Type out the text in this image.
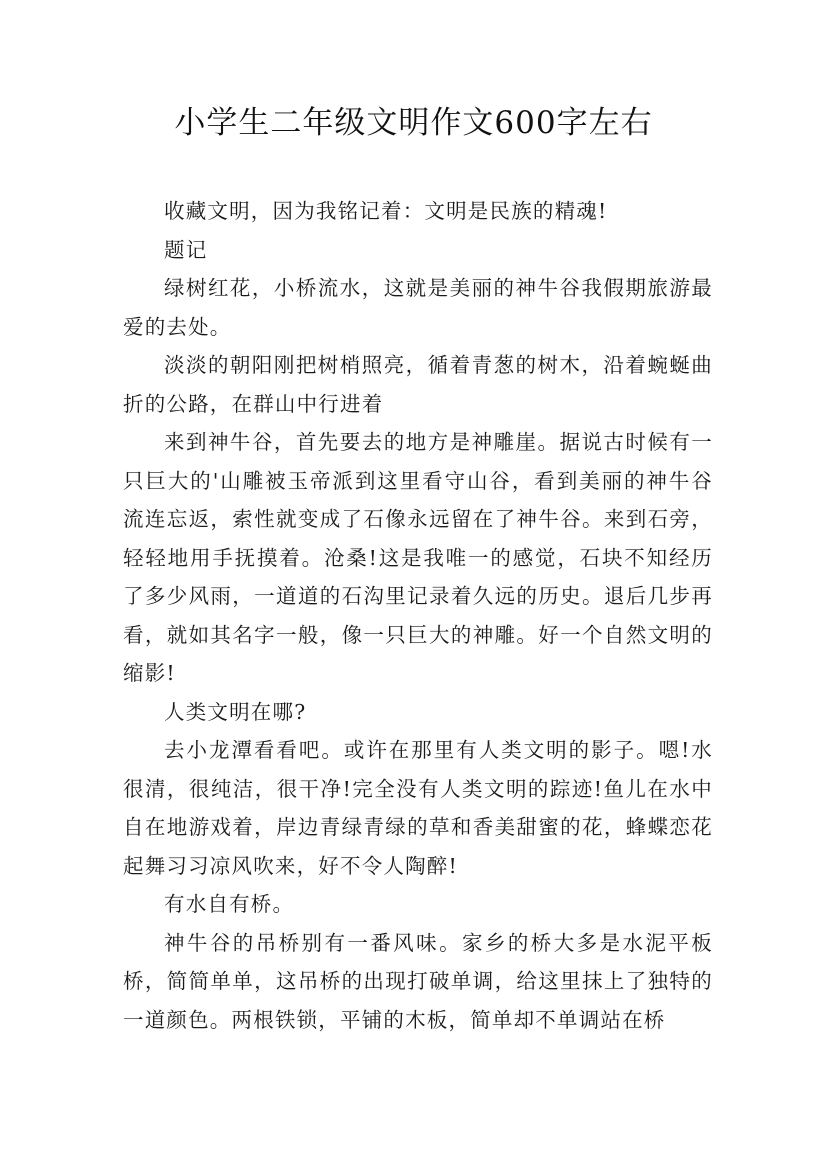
小学生二年级文明作文600字左右

收藏文明，因为我铭记着：文明是民族的精魂!

题记

绿树红花，小桥流水，这就是美丽的神牛谷我假期旅游最爱的去处。

淡淡的朝阳刚把树梢照亮，循着青葱的树木，沿着蜿蜒曲折的公路，在群山中行进着

来到神牛谷，首先要去的地方是神雕崖。据说古时候有一只巨大的'山雕被玉帝派到这里看守山谷，看到美丽的神牛谷流连忘返，索性就变成了石像永远留在了神牛谷。来到石旁，轻轻地用手抚摸着。沧桑!这是我唯一的感觉，石块不知经历了多少风雨，一道道的石沟里记录着久远的历史。退后几步再看，就如其名字一般，像一只巨大的神雕。好一个自然文明的缩影!

人类文明在哪?

去小龙潭看看吧。或许在那里有人类文明的影子。嗯!水很清，很纯洁，很干净!完全没有人类文明的踪迹!鱼儿在水中自在地游戏着，岸边青绿青绿的草和香美甜蜜的花，蜂蝶恋花起舞习习凉风吹来，好不令人陶醉!

有水自有桥。

神牛谷的吊桥别有一番风味。家乡的桥大多是水泥平板桥，简简单单，这吊桥的出现打破单调，给这里抹上了独特的一道颜色。两根铁锁，平铺的木板，简单却不单调站在桥
